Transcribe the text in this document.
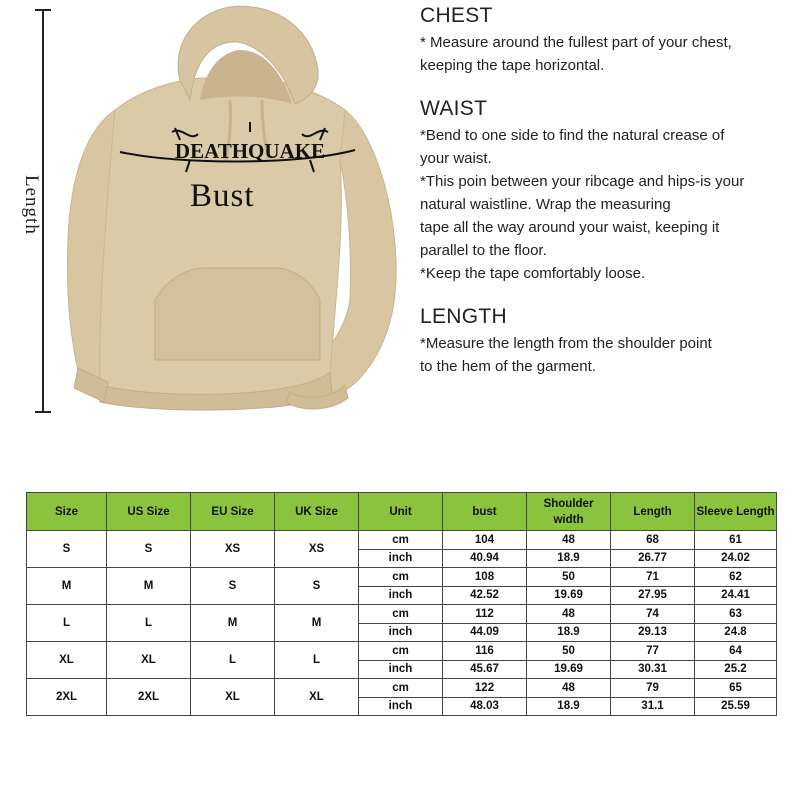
DEATHQUAKE
Length	Bust
CHEST
* Measure around the fullest part of your chest,
keeping the tape horizontal.
WAIST
*Bend to one side to find the natural crease of
your waist.
*This poin between your ribcage and hips-is your
natural waistline. Wrap the measuring
tape all the way around your waist, keeping it
parallel to the floor.
*Keep the tape comfortably loose.
LENGTH
*Measure the length from the shoulder point
to the hem of the garment.
Size	US Size	EU Size	UK Size	Unit	bust	Shoulder width	Length	Sleeve Length
S	S	XS	XS	cm	104	48	68	61
				inch	40.94	18.9	26.77	24.02
M	M	S	S	cm	108	50	71	62
				inch	42.52	19.69	27.95	24.41
L	L	M	M	cm	112	48	74	63
				inch	44.09	18.9	29.13	24.8
XL	XL	L	L	cm	116	50	77	64
				inch	45.67	19.69	30.31	25.2
2XL	2XL	XL	XL	cm	122	48	79	65
				inch	48.03	18.9	31.1	25.59
